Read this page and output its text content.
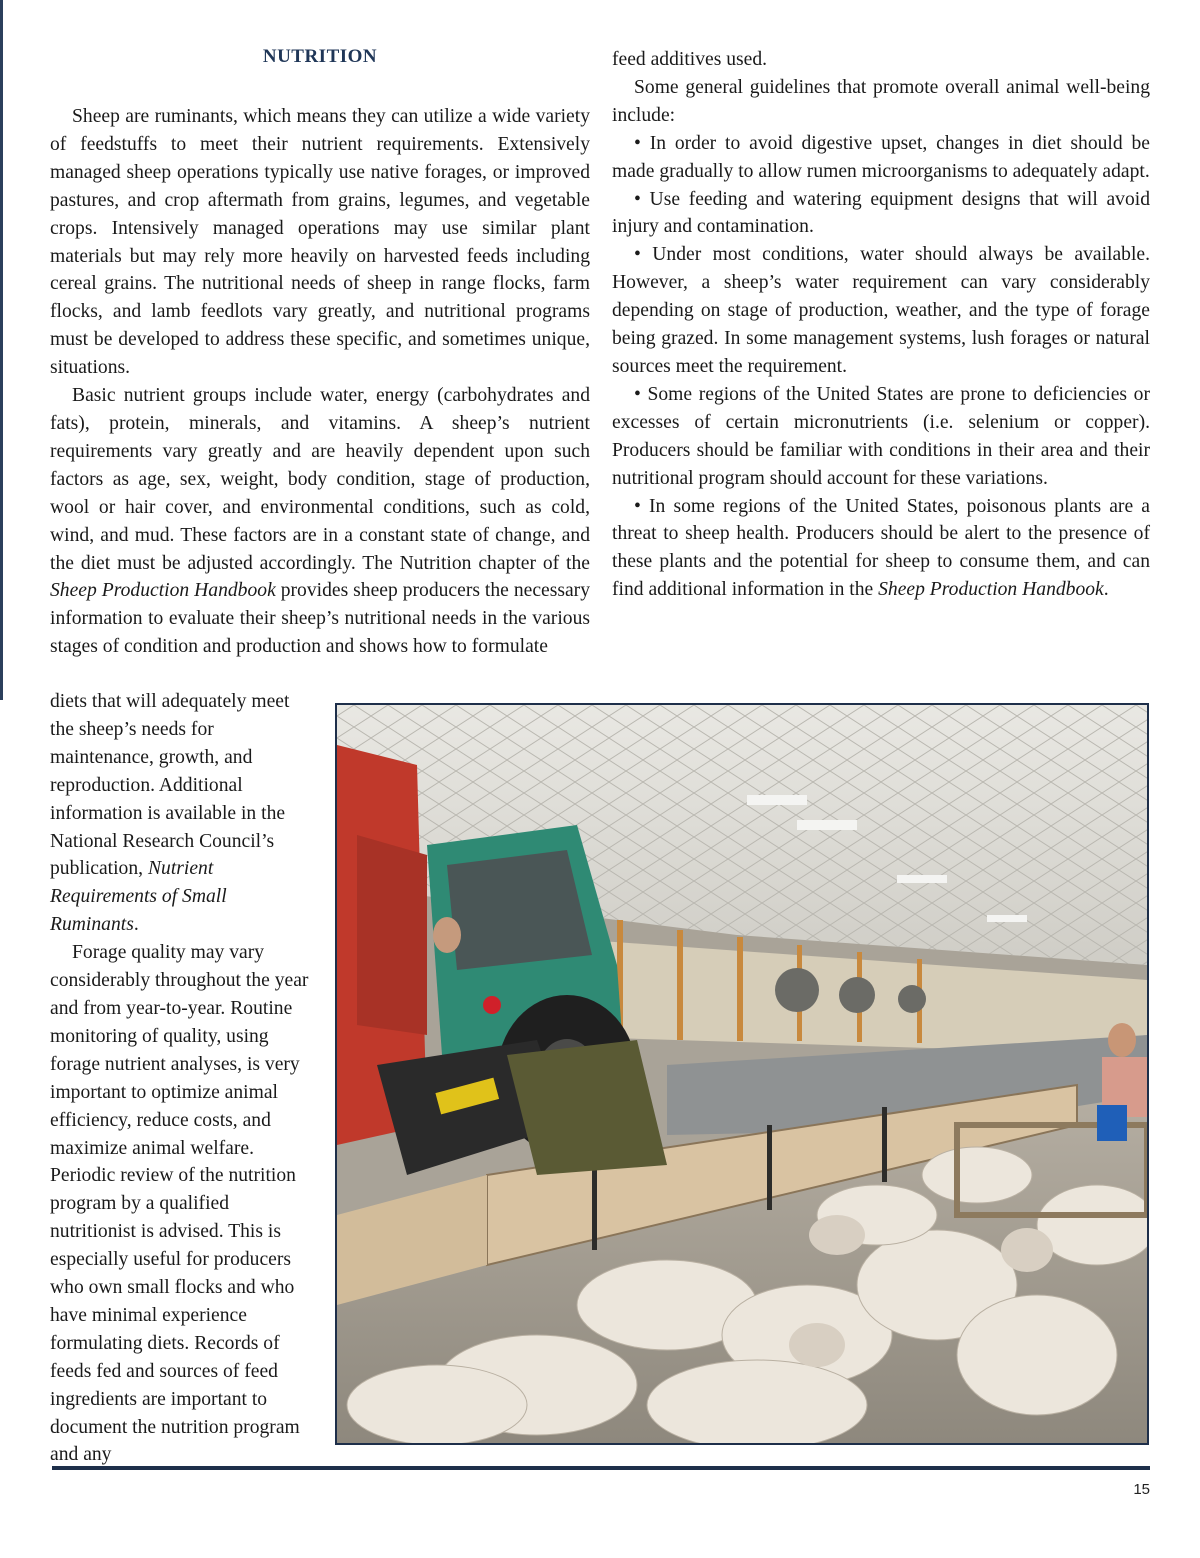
NUTRITION

Sheep are ruminants, which means they can utilize a wide variety of feedstuffs to meet their nutrient requirements. Extensively managed sheep operations typically use native forages, or improved pastures, and crop aftermath from grains, legumes, and vegetable crops. Intensively managed operations may use similar plant materials but may rely more heavily on harvested feeds including cereal grains. The nutritional needs of sheep in range flocks, farm flocks, and lamb feedlots vary greatly, and nutritional programs must be developed to address these specific, and sometimes unique, situations.

Basic nutrient groups include water, energy (carbohydrates and fats), protein, minerals, and vitamins. A sheep’s nutrient requirements vary greatly and are heavily dependent upon such factors as age, sex, weight, body condition, stage of production, wool or hair cover, and environmental conditions, such as cold, wind, and mud. These factors are in a constant state of change, and the diet must be adjusted accordingly. The Nutrition chapter of the Sheep Production Handbook provides sheep producers the necessary information to evaluate their sheep’s nutritional needs in the various stages of condition and production and shows how to formulate

diets that will adequately meet the sheep’s needs for maintenance, growth, and reproduction. Additional information is available in the National Research Council’s publication, Nutrient Requirements of Small Ruminants.

Forage quality may vary considerably throughout the year and from year-to-year. Routine monitoring of quality, using forage nutrient analyses, is very important to optimize animal efficiency, reduce costs, and maximize animal welfare. Periodic review of the nutrition program by a qualified nutritionist is advised. This is especially useful for producers who own small flocks and who have minimal experience formulating diets. Records of feeds fed and sources of feed ingredients are important to document the nutrition program and any

feed additives used.

Some general guidelines that promote overall animal well-being include:

• In order to avoid digestive upset, changes in diet should be made gradually to allow rumen microorganisms to adequately adapt.

• Use feeding and watering equipment designs that will avoid injury and contamination.

• Under most conditions, water should always be available. However, a sheep’s water requirement can vary considerably depending on stage of production, weather, and the type of forage being grazed. In some management systems, lush forages or natural sources meet the requirement.

• Some regions of the United States are prone to deficiencies or excesses of certain micronutrients (i.e. selenium or copper). Producers should be familiar with conditions in their area and their nutritional program should account for these variations.

• In some regions of the United States, poisonous plants are a threat to sheep health. Producers should be alert to the presence of these plants and the potential for sheep to consume them, and can find additional information in the Sheep Production Handbook.

15
